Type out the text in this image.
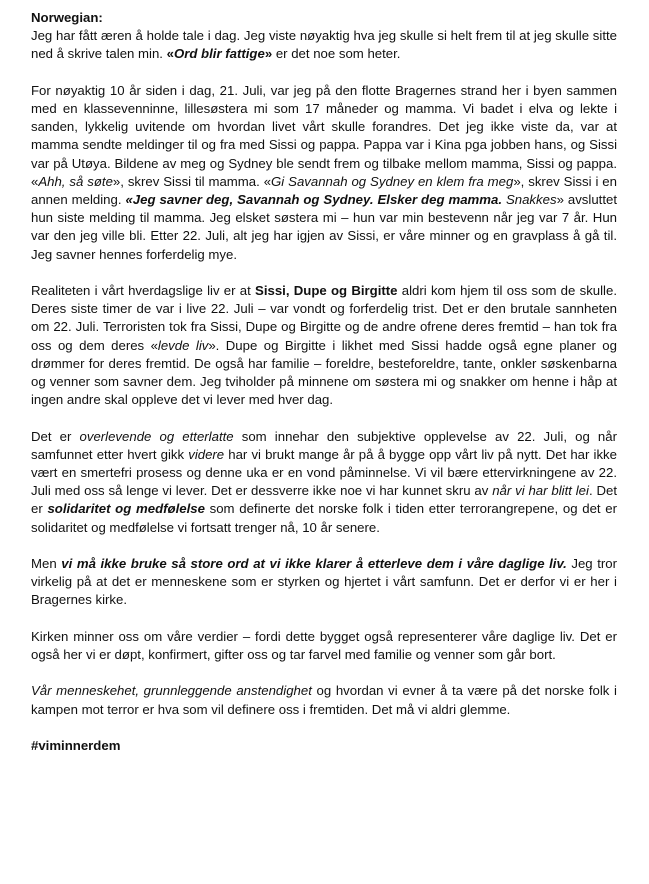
Norwegian:

Jeg har fått æren å holde tale i dag. Jeg viste nøyaktig hva jeg skulle si helt frem til at jeg skulle sitte ned å skrive talen min. «Ord blir fattige» er det noe som heter.

For nøyaktig 10 år siden i dag, 21. Juli, var jeg på den flotte Bragernes strand her i byen sammen med en klassevenninne, lillesøstera mi som 17 måneder og mamma. Vi badet i elva og lekte i sanden, lykkelig uvitende om hvordan livet vårt skulle forandres. Det jeg ikke viste da, var at mamma sendte meldinger til og fra med Sissi og pappa. Pappa var i Kina pga jobben hans, og Sissi var på Utøya. Bildene av meg og Sydney ble sendt frem og tilbake mellom mamma, Sissi og pappa. «Ahh, så søte», skrev Sissi til mamma. «Gi Savannah og Sydney en klem fra meg», skrev Sissi i en annen melding. «Jeg savner deg, Savannah og Sydney. Elsker deg mamma. Snakkes» avsluttet hun siste melding til mamma. Jeg elsket søstera mi – hun var min bestevenn når jeg var 7 år. Hun var den jeg ville bli. Etter 22. Juli, alt jeg har igjen av Sissi, er våre minner og en gravplass å gå til. Jeg savner hennes forferdelig mye.

Realiteten i vårt hverdagslige liv er at Sissi, Dupe og Birgitte aldri kom hjem til oss som de skulle. Deres siste timer de var i live 22. Juli – var vondt og forferdelig trist. Det er den brutale sannheten om 22. Juli. Terroristen tok fra Sissi, Dupe og Birgitte og de andre ofrene deres fremtid – han tok fra oss og dem deres «levde liv». Dupe og Birgitte i likhet med Sissi hadde også egne planer og drømmer for deres fremtid. De også har familie – foreldre, besteforeldre, tante, onkler søskenbarna og venner som savner dem. Jeg tviholder på minnene om søstera mi og snakker om henne i håp at ingen andre skal oppleve det vi lever med hver dag.

Det er overlevende og etterlatte som innehar den subjektive opplevelse av 22. Juli, og når samfunnet etter hvert gikk videre har vi brukt mange år på å bygge opp vårt liv på nytt. Det har ikke vært en smertefri prosess og denne uka er en vond påminnelse. Vi vil bære ettervirkningene av 22. Juli med oss så lenge vi lever. Det er dessverre ikke noe vi har kunnet skru av når vi har blitt lei. Det er solidaritet og medfølelse som definerte det norske folk i tiden etter terrorangrepene, og det er solidaritet og medfølelse vi fortsatt trenger nå, 10 år senere.

Men vi må ikke bruke så store ord at vi ikke klarer å etterleve dem i våre daglige liv. Jeg tror virkelig på at det er menneskene som er styrken og hjertet i vårt samfunn. Det er derfor vi er her i Bragernes kirke.

Kirken minner oss om våre verdier – fordi dette bygget også representerer våre daglige liv. Det er også her vi er døpt, konfirmert, gifter oss og tar farvel med familie og venner som går bort.

Vår menneskehet, grunnleggende anstendighet og hvordan vi evner å ta være på det norske folk i kampen mot terror er hva som vil definere oss i fremtiden. Det må vi aldri glemme.

#viminnerdem
